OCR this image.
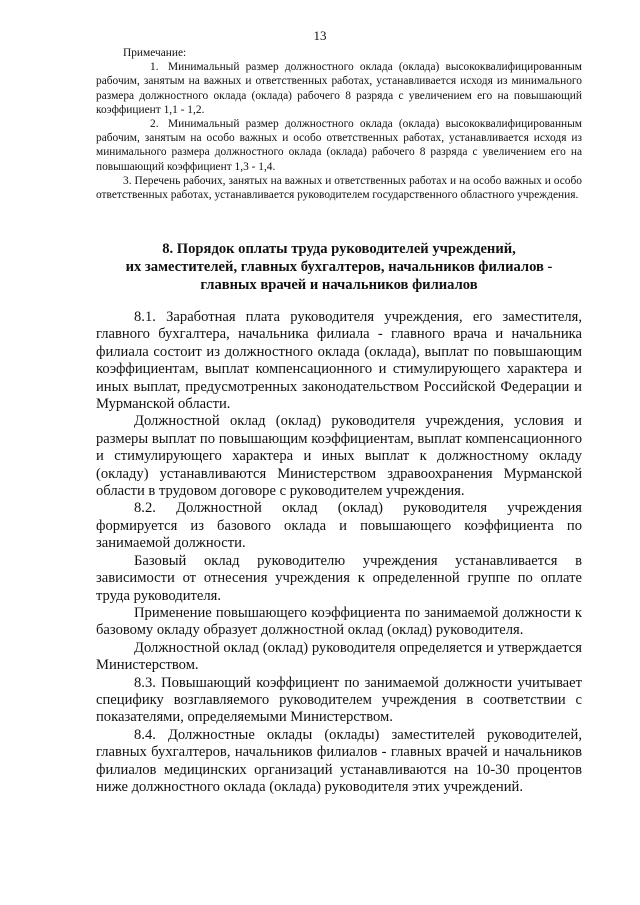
13

Примечание:

1. Минимальный размер должностного оклада (оклада) высококвалифицированным рабочим, занятым на важных и ответственных работах, устанавливается исходя из минимального размера должностного оклада (оклада) рабочего 8 разряда с увеличением его на повышающий коэффициент 1,1 - 1,2.

2. Минимальный размер должностного оклада (оклада) высококвалифицированным рабочим, занятым на особо важных и особо ответственных работах, устанавливается исходя из минимального размера должностного оклада (оклада) рабочего 8 разряда с увеличением его на повышающий коэффициент 1,3 - 1,4.

3. Перечень рабочих, занятых на важных и ответственных работах и на особо важных и особо ответственных работах, устанавливается руководителем государственного областного учреждения.

8. Порядок оплаты труда руководителей учреждений,
их заместителей, главных бухгалтеров, начальников филиалов -
главных врачей и начальников филиалов

8.1. Заработная плата руководителя учреждения, его заместителя, главного бухгалтера, начальника филиала - главного врача и начальника филиала состоит из должностного оклада (оклада), выплат по повышающим коэффициентам, выплат компенсационного и стимулирующего характера и иных выплат, предусмотренных законодательством Российской Федерации и Мурманской области.

Должностной оклад (оклад) руководителя учреждения, условия и размеры выплат по повышающим коэффициентам, выплат компенсационного и стимулирующего характера и иных выплат к должностному окладу (окладу) устанавливаются Министерством здравоохранения Мурманской области в трудовом договоре с руководителем учреждения.

8.2. Должностной оклад (оклад) руководителя учреждения формируется из базового оклада и повышающего коэффициента по занимаемой должности.

Базовый оклад руководителю учреждения устанавливается в зависимости от отнесения учреждения к определенной группе по оплате труда руководителя.

Применение повышающего коэффициента по занимаемой должности к базовому окладу образует должностной оклад (оклад) руководителя.

Должностной оклад (оклад) руководителя определяется и утверждается Министерством.

8.3. Повышающий коэффициент по занимаемой должности учитывает специфику возглавляемого руководителем учреждения в соответствии с показателями, определяемыми Министерством.

8.4. Должностные оклады (оклады) заместителей руководителей, главных бухгалтеров, начальников филиалов - главных врачей и начальников филиалов медицинских организаций устанавливаются на 10-30 процентов ниже должностного оклада (оклада) руководителя этих учреждений.
